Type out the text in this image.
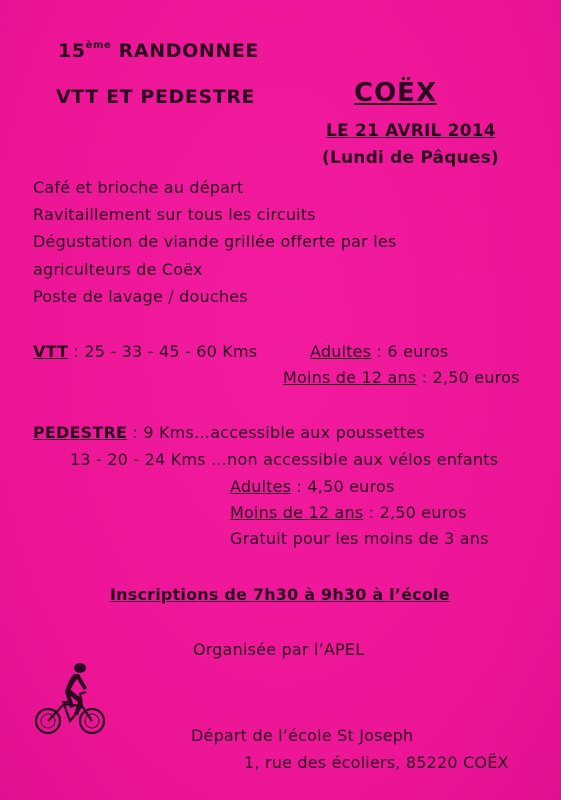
15ème RANDONNEE
VTT ET PEDESTRE	COËX
LE 21 AVRIL 2014
(Lundi de Pâques)
Café et brioche au départ
Ravitaillement sur tous les circuits
Dégustation de viande grillée offerte par les
agriculteurs de Coëx
Poste de lavage / douches
VTT : 25 - 33 - 45 - 60 Kms	Adultes : 6 euros
Moins de 12 ans : 2,50 euros
PEDESTRE : 9 Kms…accessible aux poussettes
13 - 20 - 24 Kms …non accessible aux vélos enfants
Adultes : 4,50 euros
Moins de 12 ans : 2,50 euros
Gratuit pour les moins de 3 ans
Inscriptions de 7h30 à 9h30 à l’école
Organisée par l’APEL
Départ de l’école St Joseph
1, rue des écoliers, 85220 COËX
